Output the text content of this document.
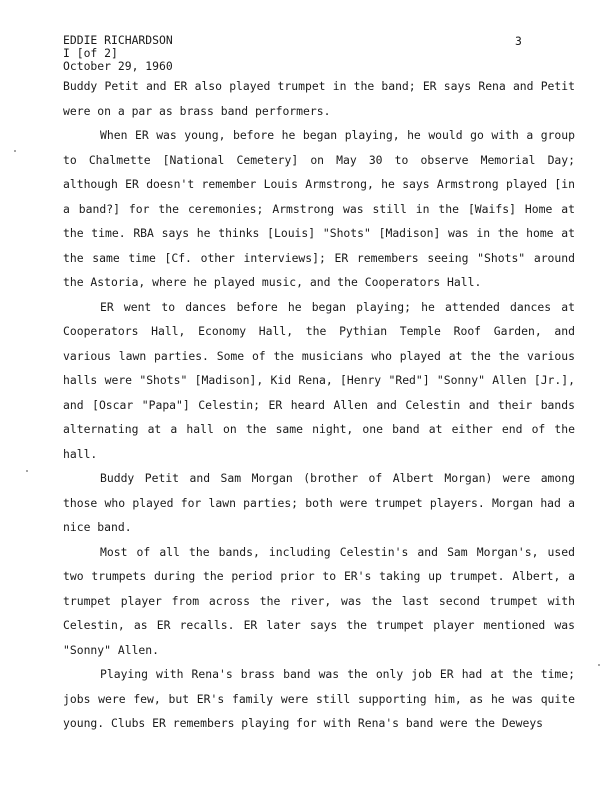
EDDIE RICHARDSON
I [of 2]
October 29, 1960
3

Buddy Petit and ER also played trumpet in the band; ER says Rena and Petit were on a par as brass band performers.

When ER was young, before he began playing, he would go with a group to Chalmette [National Cemetery] on May 30 to observe Memorial Day; although ER doesn't remember Louis Armstrong, he says Armstrong played [in a band?] for the ceremonies; Armstrong was still in the [Waifs] Home at the time. RBA says he thinks [Louis] "Shots" [Madison] was in the home at the same time [Cf. other interviews]; ER remembers seeing "Shots" around the Astoria, where he played music, and the Cooperators Hall.

ER went to dances before he began playing; he attended dances at Cooperators Hall, Economy Hall, the Pythian Temple Roof Garden, and various lawn parties. Some of the musicians who played at the the various halls were "Shots" [Madison], Kid Rena, [Henry "Red"] "Sonny" Allen [Jr.], and [Oscar "Papa"] Celestin; ER heard Allen and Celestin and their bands alternating at a hall on the same night, one band at either end of the hall.

Buddy Petit and Sam Morgan (brother of Albert Morgan) were among those who played for lawn parties; both were trumpet players. Morgan had a nice band.

Most of all the bands, including Celestin's and Sam Morgan's, used two trumpets during the period prior to ER's taking up trumpet. Albert, a trumpet player from across the river, was the last second trumpet with Celestin, as ER recalls. ER later says the trumpet player mentioned was "Sonny" Allen.

Playing with Rena's brass band was the only job ER had at the time; jobs were few, but ER's family were still supporting him, as he was quite young. Clubs ER remembers playing for with Rena's band were the Deweys
